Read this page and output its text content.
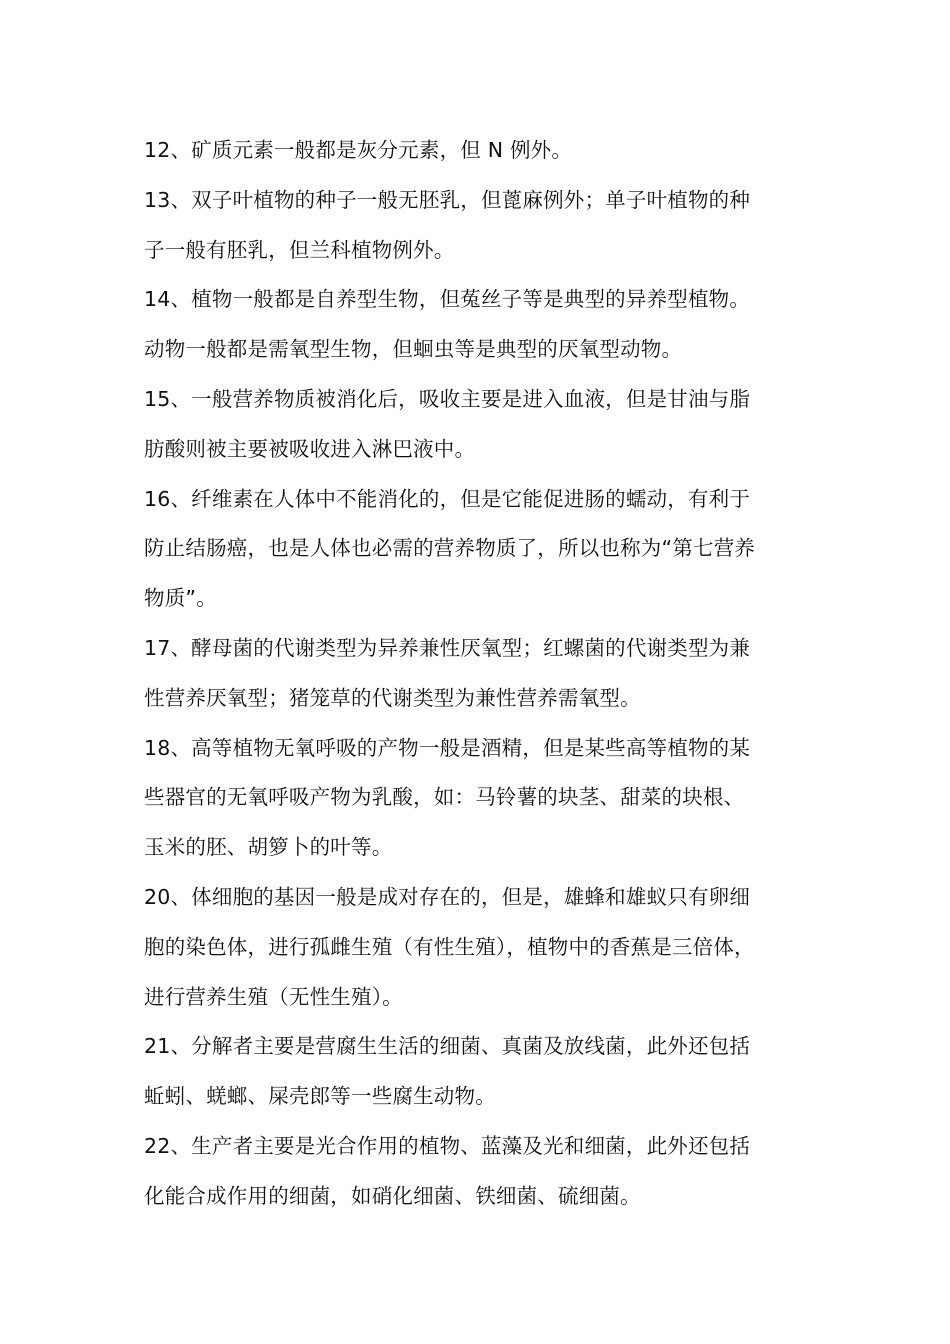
12、矿质元素一般都是灰分元素，但 N 例外。
13、双子叶植物的种子一般无胚乳，但蓖麻例外；单子叶植物的种
子一般有胚乳，但兰科植物例外。
14、植物一般都是自养型生物，但菟丝子等是典型的异养型植物。
动物一般都是需氧型生物，但蛔虫等是典型的厌氧型动物。
15、一般营养物质被消化后，吸收主要是进入血液，但是甘油与脂
肪酸则被主要被吸收进入淋巴液中。
16、纤维素在人体中不能消化的，但是它能促进肠的蠕动，有利于
防止结肠癌，也是人体也必需的营养物质了，所以也称为“第七营养
物质”。
17、酵母菌的代谢类型为异养兼性厌氧型；红螺菌的代谢类型为兼
性营养厌氧型；猪笼草的代谢类型为兼性营养需氧型。
18、高等植物无氧呼吸的产物一般是酒精，但是某些高等植物的某
些器官的无氧呼吸产物为乳酸，如：马铃薯的块茎、甜菜的块根、
玉米的胚、胡箩卜的叶等。
20、体细胞的基因一般是成对存在的，但是，雄蜂和雄蚁只有卵细
胞的染色体，进行孤雌生殖（有性生殖），植物中的香蕉是三倍体，
进行营养生殖（无性生殖）。
21、分解者主要是营腐生生活的细菌、真菌及放线菌，此外还包括
蚯蚓、蜣螂、屎壳郎等一些腐生动物。
22、生产者主要是光合作用的植物、蓝藻及光和细菌，此外还包括
化能合成作用的细菌，如硝化细菌、铁细菌、硫细菌。
